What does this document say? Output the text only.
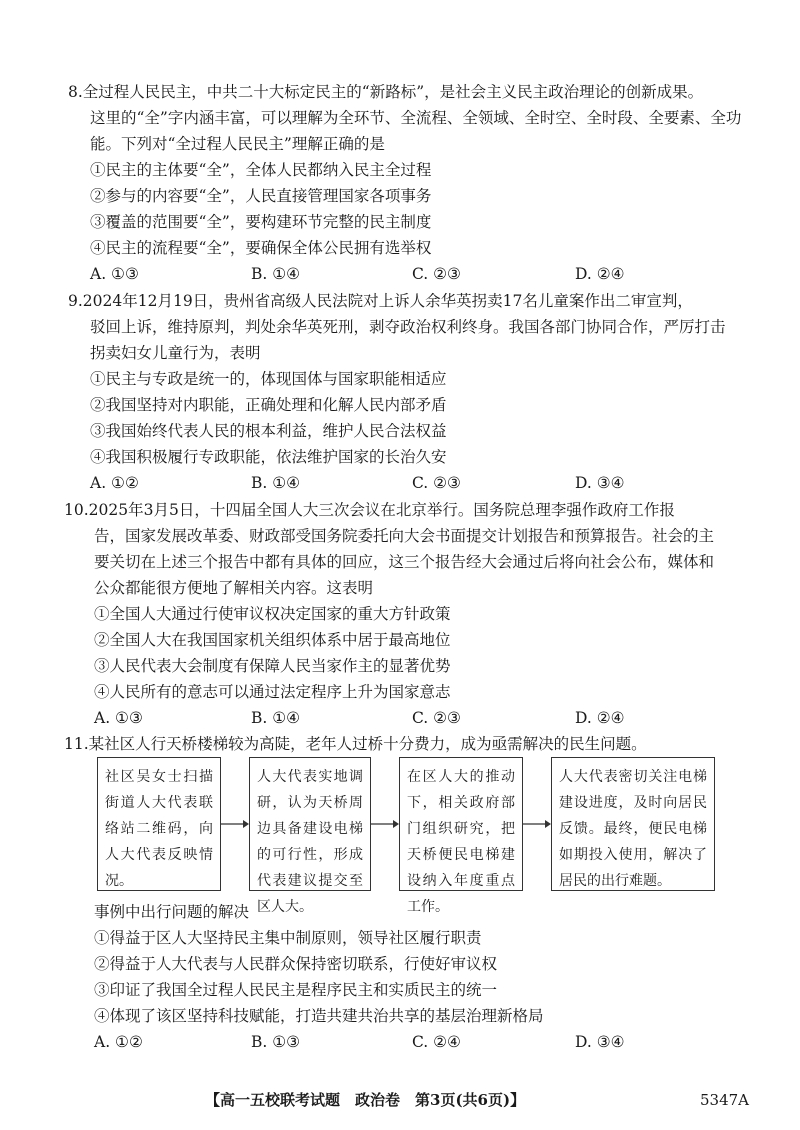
8.全过程人民民主，中共二十大标定民主的“新路标”，是社会主义民主政治理论的创新成果。
这里的“全”字内涵丰富，可以理解为全环节、全流程、全领域、全时空、全时段、全要素、全功
能。下列对“全过程人民民主”理解正确的是
①民主的主体要“全”，全体人民都纳入民主全过程
②参与的内容要“全”，人民直接管理国家各项事务
③覆盖的范围要“全”，要构建环节完整的民主制度
④民主的流程要“全”，要确保全体公民拥有选举权
A. ①③	B. ①④	C. ②③	D. ②④
9.2024年12月19日，贵州省高级人民法院对上诉人余华英拐卖17名儿童案作出二审宣判，
驳回上诉，维持原判，判处余华英死刑，剥夺政治权利终身。我国各部门协同合作，严厉打击
拐卖妇女儿童行为，表明
①民主与专政是统一的，体现国体与国家职能相适应
②我国坚持对内职能，正确处理和化解人民内部矛盾
③我国始终代表人民的根本利益，维护人民合法权益
④我国积极履行专政职能，依法维护国家的长治久安
A. ①②	B. ①④	C. ②③	D. ③④
10.2025年3月5日，十四届全国人大三次会议在北京举行。国务院总理李强作政府工作报
告，国家发展改革委、财政部受国务院委托向大会书面提交计划报告和预算报告。社会的主
要关切在上述三个报告中都有具体的回应，这三个报告经大会通过后将向社会公布，媒体和
公众都能很方便地了解相关内容。这表明
①全国人大通过行使审议权决定国家的重大方针政策
②全国人大在我国国家机关组织体系中居于最高地位
③人民代表大会制度有保障人民当家作主的显著优势
④人民所有的意志可以通过法定程序上升为国家意志
A. ①③	B. ①④	C. ②③	D. ②④
11.某社区人行天桥楼梯较为高陡，老年人过桥十分费力，成为亟需解决的民生问题。
社区吴女士扫描街道人大代表联络站二维码，向人大代表反映情况。
人大代表实地调研，认为天桥周边具备建设电梯的可行性，形成代表建议提交至区人大。
在区人大的推动下，相关政府部门组织研究，把天桥便民电梯建设纳入年度重点工作。
人大代表密切关注电梯建设进度，及时向居民反馈。最终，便民电梯如期投入使用，解决了居民的出行难题。
事例中出行问题的解决
①得益于区人大坚持民主集中制原则，领导社区履行职责
②得益于人大代表与人民群众保持密切联系，行使好审议权
③印证了我国全过程人民民主是程序民主和实质民主的统一
④体现了该区坚持科技赋能，打造共建共治共享的基层治理新格局
A. ①②	B. ①③	C. ②④	D. ③④
【高一五校联考试题　政治卷　第3页(共6页)】	5347A
